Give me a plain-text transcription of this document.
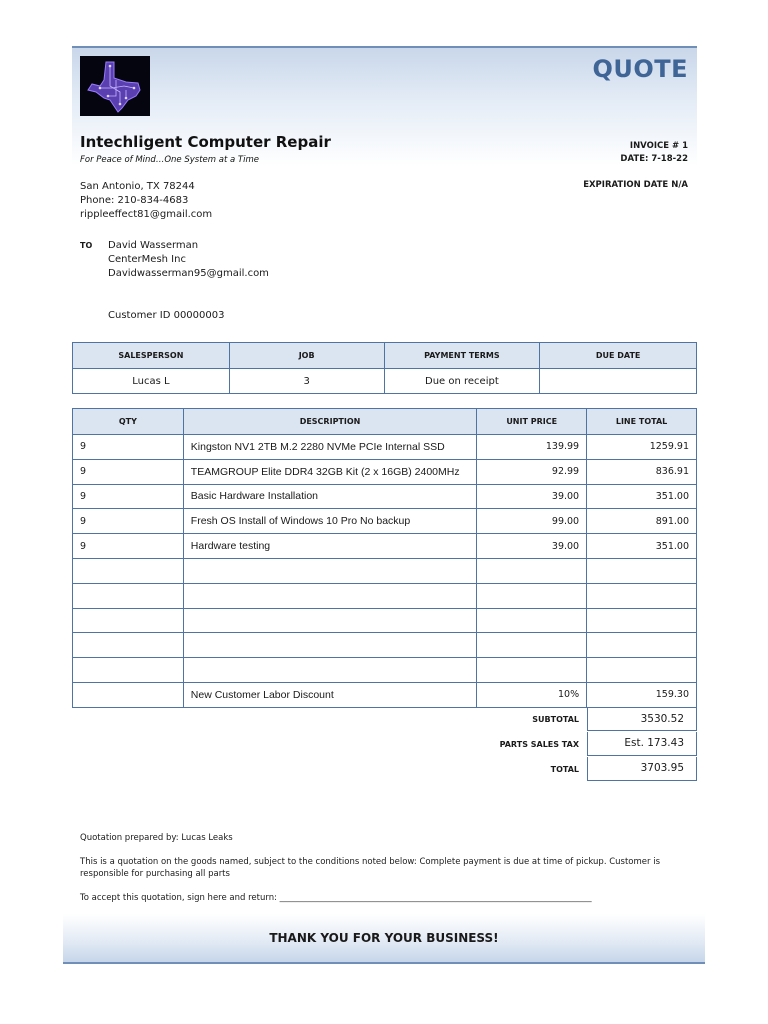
QUOTE
Intechligent Computer Repair
For Peace of Mind…One System at a Time
San Antonio, TX 78244
Phone: 210-834-4683
rippleeffect81@gmail.com
INVOICE # 1
DATE: 7-18-22
EXPIRATION DATE N/A
TO David Wasserman
CenterMesh Inc
Davidwasserman95@gmail.com
Customer ID 00000003
SALESPERSON	JOB	PAYMENT TERMS	DUE DATE
Lucas L	3	Due on receipt	
QTY	DESCRIPTION	UNIT PRICE	LINE TOTAL
9	Kingston NV1 2TB M.2 2280 NVMe PCIe Internal SSD	139.99	1259.91
9	TEAMGROUP Elite DDR4 32GB Kit (2 x 16GB) 2400MHz	92.99	836.91
9	Basic Hardware Installation	39.00	351.00
9	Fresh OS Install of Windows 10 Pro No backup	99.00	891.00
9	Hardware testing	39.00	351.00

	New Customer Labor Discount	10%	159.30
SUBTOTAL	3530.52
PARTS SALES TAX	Est. 173.43
TOTAL	3703.95

Quotation prepared by: Lucas Leaks

This is a quotation on the goods named, subject to the conditions noted below: Complete payment is due at time of pickup. Customer is responsible for purchasing all parts

To accept this quotation, sign here and return: ______________________________________________________________________________

THANK YOU FOR YOUR BUSINESS!
